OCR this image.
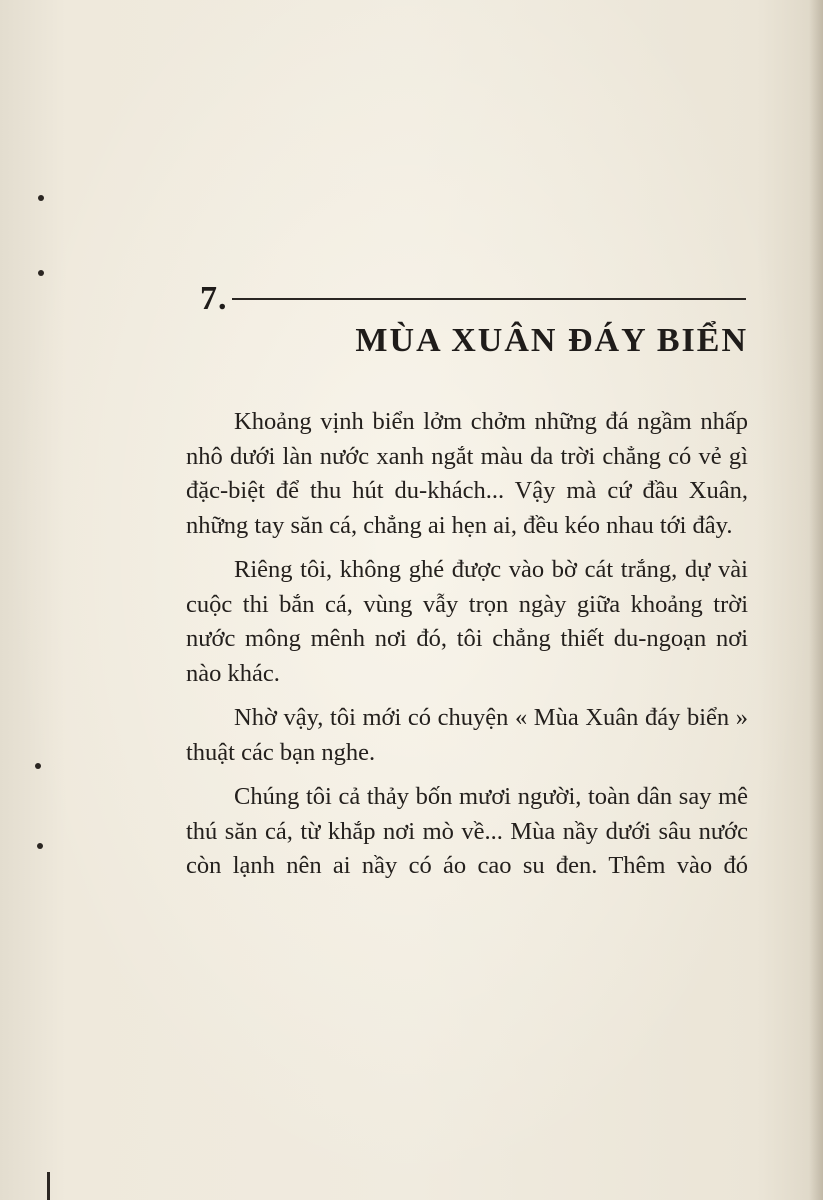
7.
MÙA XUÂN ĐÁY BIỂN

Khoảng vịnh biển lởm chởm những đá ngầm nhấp nhô dưới làn nước xanh ngắt màu da trời chẳng có vẻ gì đặc-biệt để thu hút du-khách... Vậy mà cứ đầu Xuân, những tay săn cá, chẳng ai hẹn ai, đều kéo nhau tới đây.

Riêng tôi, không ghé được vào bờ cát trắng, dự vài cuộc thi bắn cá, vùng vẫy trọn ngày giữa khoảng trời nước mông mênh nơi đó, tôi chẳng thiết du-ngoạn nơi nào khác.

Nhờ vậy, tôi mới có chuyện « Mùa Xuân đáy biển » thuật các bạn nghe.

Chúng tôi cả thảy bốn mươi người, toàn dân say mê thú săn cá, từ khắp nơi mò về... Mùa nầy dưới sâu nước còn lạnh nên ai nầy có áo cao su đen. Thêm vào đó
